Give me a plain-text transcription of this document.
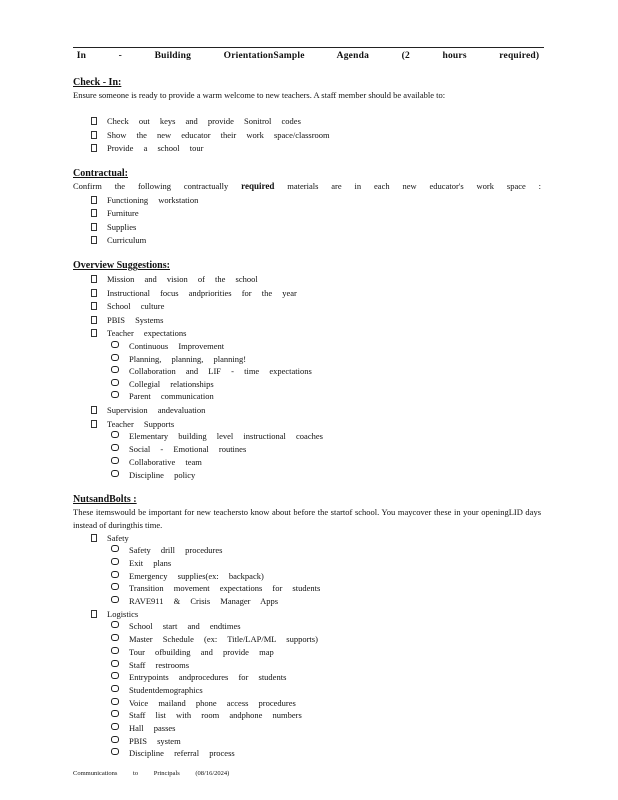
In - Building OrientationSample Agenda (2 hours required)
Check - In:
Ensure someone is ready to provide a warm welcome to new teachers. A staff member should be available to:
Check out keys and provide Sonitrol codes
Show the new educator their work space/classroom
Provide a school tour
Contractual:
Confirm the following contractually required materials are in each new educator's work space :
Functioning workstation
Furniture
Supplies
Curriculum
Overview Suggestions:
Mission and vision of the school
Instructional focus andpriorities for the year
School culture
PBIS Systems
Teacher expectations
Continuous Improvement
Planning, planning, planning!
Collaboration and LIF - time expectations
Collegial relationships
Parent communication
Supervision andevaluation
Teacher Supports
Elementary building level instructional coaches
Social - Emotional routines
Collaborative team
Discipline policy
NutsandBolts :
These itemswould be important for new teachersto know about before the startof school. You maycover these in your openingLID days instead of duringthis time.
Safety
Safety drill procedures
Exit plans
Emergency supplies(ex: backpack)
Transition movement expectations for students
RAVE911 & Crisis Manager Apps
Logistics
School start and endtimes
Master Schedule (ex: Title/LAP/ML supports)
Tour ofbuilding and provide map
Staff restrooms
Entrypoints andprocedures for students
Studentdemographics
Voice mailand phone access procedures
Staff list with room andphone numbers
Hall passes
PBIS system
Discipline referral process
Communications to Principals (08/16/2024)
